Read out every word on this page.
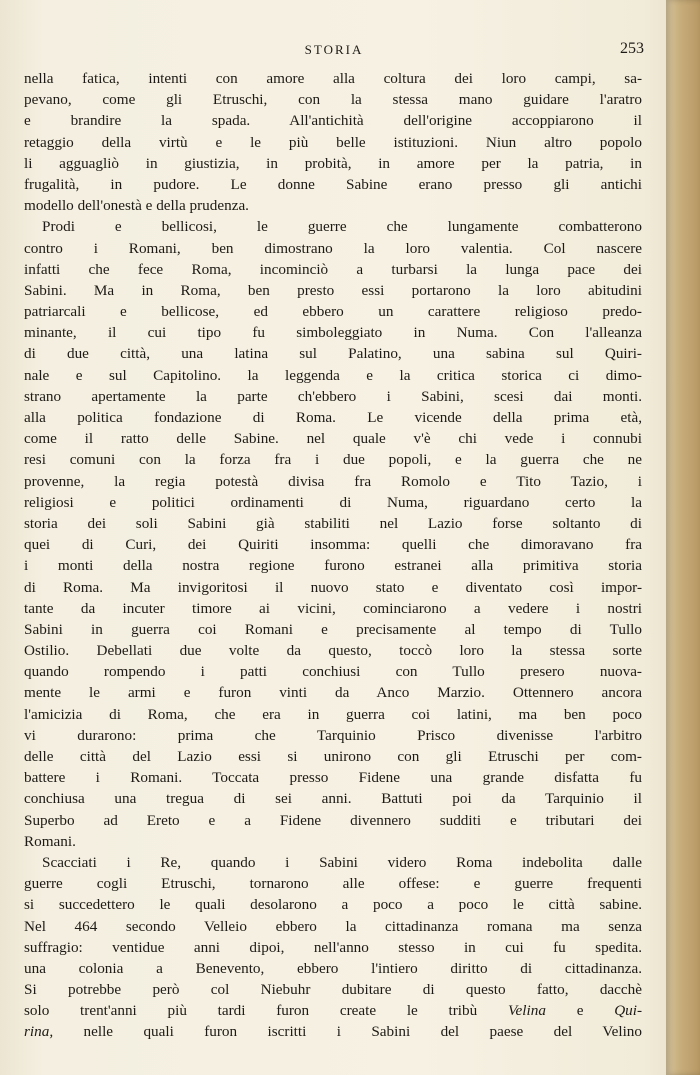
STORIA	253
nella fatica, intenti con amore alla coltura dei loro campi, sa-
pevano, come gli Etruschi, con la stessa mano guidare l'aratro
e brandire la spada. All'antichità dell'origine accoppiarono il
retaggio della virtù e le più belle istituzioni. Niun altro popolo
li agguagliò in giustizia, in probità, in amore per la patria, in
frugalità, in pudore. Le donne Sabine erano presso gli antichi
modello dell'onestà e della prudenza.
Prodi e bellicosi, le guerre che lungamente combatterono
contro i Romani, ben dimostrano la loro valentia. Col nascere
infatti che fece Roma, incominciò a turbarsi la lunga pace dei
Sabini. Ma in Roma, ben presto essi portarono la loro abitudini
patriarcali e bellicose, ed ebbero un carattere religioso predo-
minante, il cui tipo fu simboleggiato in Numa. Con l'alleanza
di due città, una latina sul Palatino, una sabina sul Quiri-
nale e sul Capitolino. la leggenda e la critica storica ci dimo-
strano apertamente la parte ch'ebbero i Sabini, scesi dai monti.
alla politica fondazione di Roma. Le vicende della prima età,
come il ratto delle Sabine. nel quale v'è chi vede i connubi
resi comuni con la forza fra i due popoli, e la guerra che ne
provenne, la regia potestà divisa fra Romolo e Tito Tazio, i
religiosi e politici ordinamenti di Numa, riguardano certo la
storia dei soli Sabini già stabiliti nel Lazio forse soltanto di
quei di Curi, dei Quiriti insomma: quelli che dimoravano fra
i monti della nostra regione furono estranei alla primitiva storia
di Roma. Ma invigoritosi il nuovo stato e diventato così impor-
tante da incuter timore ai vicini, cominciarono a vedere i nostri
Sabini in guerra coi Romani e precisamente al tempo di Tullo
Ostilio. Debellati due volte da questo, toccò loro la stessa sorte
quando rompendo i patti conchiusi con Tullo presero nuova-
mente le armi e furon vinti da Anco Marzio. Ottennero ancora
l'amicizia di Roma, che era in guerra coi latini, ma ben poco
vi durarono: prima che Tarquinio Prisco divenisse l'arbitro
delle città del Lazio essi si unirono con gli Etruschi per com-
battere i Romani. Toccata presso Fidene una grande disfatta fu
conchiusa una tregua di sei anni. Battuti poi da Tarquinio il
Superbo ad Ereto e a Fidene divennero sudditi e tributari dei
Romani.
Scacciati i Re, quando i Sabini videro Roma indebolita dalle
guerre cogli Etruschi, tornarono alle offese: e guerre frequenti
si succedettero le quali desolarono a poco a poco le città sabine.
Nel 464 secondo Velleio ebbero la cittadinanza romana ma senza
suffragio: ventidue anni dipoi, nell'anno stesso in cui fu spedita.
una colonia a Benevento, ebbero l'intiero diritto di cittadinanza.
Si potrebbe però col Niebuhr dubitare di questo fatto, dacchè
solo trent'anni più tardi furon create le tribù Velina e Qui-
rina, nelle quali furon iscritti i Sabini del paese del Velino
